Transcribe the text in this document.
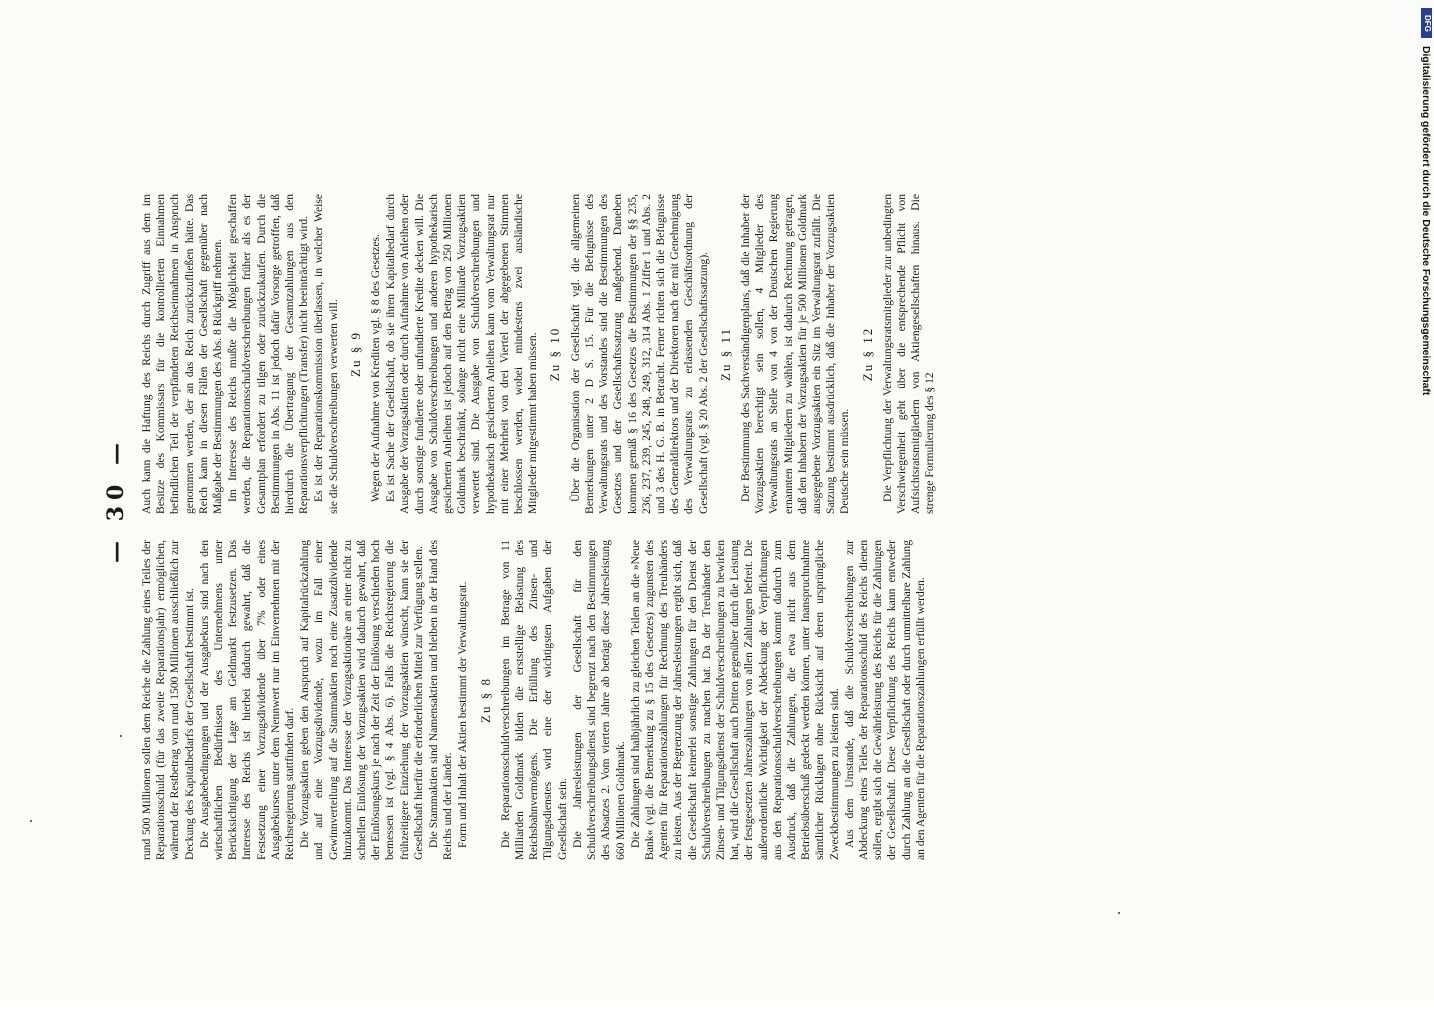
— 30 —

rund 500 Millionen sollen dem Reiche die Zahlung eines Teiles der Reparationsschuld (für das zweite Reparationsjahr) ermöglichen, während der Restbetrag von rund 1500 Millionen ausschließlich zur Deckung des Kapitalbedarfs der Gesellschaft bestimmt ist. Die Ausgabebedingungen und der Ausgabekurs sind nach den wirtschaftlichen Bedürfnissen des Unternehmens unter Berücksichtigung der Lage am Geldmarkt festzusetzen. Das Interesse des Reichs ist hierbei dadurch gewahrt, daß die Festsetzung einer Vorzugsdividende über 7% oder eines Ausgabekurses unter dem Nennwert nur im Einvernehmen mit der Reichsregierung stattfinden darf. Die Vorzugsaktien geben den Anspruch auf Kapitalrückzahlung und auf eine Vorzugsdividende, wozu im Fall einer Gewinnverteilung auf die Stammaktien noch eine Zusatzdividende hinzukommt. Das Interesse der Vorzugsaktionäre an einer nicht zu schnellen Einlösung der Vorzugsaktien wird dadurch gewahrt, daß der Einlösungskurs je nach der Zeit der Einlösung verschieden hoch bemessen ist (vgl. § 4 Abs. 6). Falls die Reichsregierung die frühzeitigere Einziehung der Vorzugsaktien wünscht, kann sie der Gesellschaft hierfür die erforderlichen Mittel zur Verfügung stellen. Die Stammaktien sind Namensaktien und bleiben in der Hand des Reichs und der Länder. Form und Inhalt der Aktien bestimmt der Verwaltungsrat. Zu § 8 Die Reparationsschuldverschreibungen im Betrage von 11 Milliarden Goldmark bilden die erststellige Belastung des Reichsbahnvermögens. Die Erfüllung des Zinsen- und Tilgungsdienstes wird eine der wichtigsten Aufgaben der Gesellschaft sein. Die Jahresleistungen der Gesellschaft für den Schuldverschreibungsdienst sind begrenzt nach den Bestimmungen des Absatzes 2. Vom vierten Jahre ab beträgt diese Jahresleistung 660 Millionen Goldmark. Die Zahlungen sind halbjährlich zu gleichen Teilen an die »Neue Bank« (vgl. die Bemerkung zu § 15 des Gesetzes) zugunsten des Agenten für Reparationszahlungen für Rechnung des Treuhänders zu leisten. Aus der Begrenzung der Jahresleistungen ergibt sich, daß die Gesellschaft keinerlei sonstige Zahlungen für den Dienst der Schuldverschreibungen zu machen hat. Da der Treuhänder den Zinsen- und Tilgungsdienst der Schuldverschreibungen zu bewirken hat, wird die Gesellschaft auch Dritten gegenüber durch die Leistung der festgesetzten Jahreszahlungen von allen Zahlungen befreit. Die außerordentliche Wichtigkeit der Abdeckung der Verpflichtungen aus den Reparationsschuldverschreibungen kommt dadurch zum Ausdruck, daß die Zahlungen, die etwa nicht aus dem Betriebsüberschuß gedeckt werden können, unter Inanspruchnahme sämtlicher Rücklagen ohne Rücksicht auf deren ursprüngliche Zweckbestimmungen zu leisten sind. Aus dem Umstande, daß die Schuldverschreibungen zur Abdeckung eines Teiles der Reparationsschuld des Reichs dienen sollen, ergibt sich die Gewährleistung des Reichs für die Zahlungen der Gesellschaft. Diese Verpflichtung des Reichs kann entweder durch Zahlung an die Gesellschaft oder durch unmittelbare Zahlung an den Agenten für die Reparationszahlungen erfüllt werden.

Auch kann die Haftung des Reichs durch Zugriff aus dem im Besitze des Kommissars für die kontrollierten Einnahmen befindlichen Teil der verpfändeten Reichseinnahmen in Anspruch genommen werden, der an das Reich zurückzufließen hätte. Das Reich kann in diesen Fällen der Gesellschaft gegenüber nach Maßgabe der Bestimmungen des Abs. 8 Rückgriff nehmen. Im Interesse des Reichs mußte die Möglichkeit geschaffen werden, die Reparationsschuldverschreibungen früher als es der Gesamtplan erfordert zu tilgen oder zurückzukaufen. Durch die Bestimmungen in Abs. 11 ist jedoch dafür Vorsorge getroffen, daß hierdurch die Übertragung der Gesamtzahlungen aus den Reparationsverpflichtungen (Transfer) nicht beeinträchtigt wird. Es ist der Reparationskommission überlassen, in welcher Weise sie die Schuldverschreibungen verwerten will. Zu § 9 Wegen der Aufnahme von Krediten vgl. § 8 des Gesetzes. Es ist Sache der Gesellschaft, ob sie ihren Kapitalbedarf durch Ausgabe der Vorzugsaktien oder durch Aufnahme von Anleihen oder durch sonstige fundierte oder unfundierte Kredite decken will. Die Ausgabe von Schuldverschreibungen und anderen hypothekarisch gesicherten Anleihen ist jedoch auf den Betrag von 250 Millionen Goldmark beschränkt, solange nicht eine Milliarde Vorzugsaktien verwertet sind. Die Ausgabe von Schuldverschreibungen und hypothekarisch gesicherten Anleihen kann vom Verwaltungsrat nur mit einer Mehrheit von drei Viertel der abgegebenen Stimmen beschlossen werden, wobei mindestens zwei ausländische Mitglieder mitgestimmt haben müssen. Zu § 10 Über die Organisation der Gesellschaft vgl. die allgemeinen Bemerkungen unter 2 D S. 15. Für die Befugnisse des Verwaltungsrats und des Vorstandes sind die Bestimmungen des Gesetzes und der Gesellschaftssatzung maßgebend. Daneben kommen gemäß § 16 des Gesetzes die Bestimmungen der §§ 235, 236, 237, 239, 245, 248, 249, 312, 314 Abs. 1 Ziffer 1 und Abs. 2 und 3 des H. G. B. in Betracht. Ferner richten sich die Befugnisse des Generaldirektors und der Direktoren nach der mit Genehmigung des Verwaltungsrats zu erlassenden Geschäftsordnung der Gesellschaft (vgl. § 20 Abs. 2 der Gesellschaftssatzung). Zu § 11 Der Bestimmung des Sachverständigenplans, daß die Inhaber der Vorzugsaktien berechtigt sein sollen, 4 Mitglieder des Verwaltungsrats an Stelle von 4 von der Deutschen Regierung ernannten Mitgliedern zu wählen, ist dadurch Rechnung getragen, daß den Inhabern der Vorzugsaktien für je 500 Millionen Goldmark ausgegebene Vorzugsaktien ein Sitz im Verwaltungsrat zufällt. Die Satzung bestimmt ausdrücklich, daß die Inhaber der Vorzugsaktien Deutsche sein müssen.

Zu § 12 Die Verpflichtung der Verwaltungsratsmitglieder zur unbedingten Verschwiegenheit geht über die entsprechende Pflicht von Aufsichtsratsmitgliedern von Aktiengesellschaften hinaus. Die strenge Formulierung des § 12

DFG
Digitalisierung gefördert durch die Deutsche Forschungsgemeinschaft
